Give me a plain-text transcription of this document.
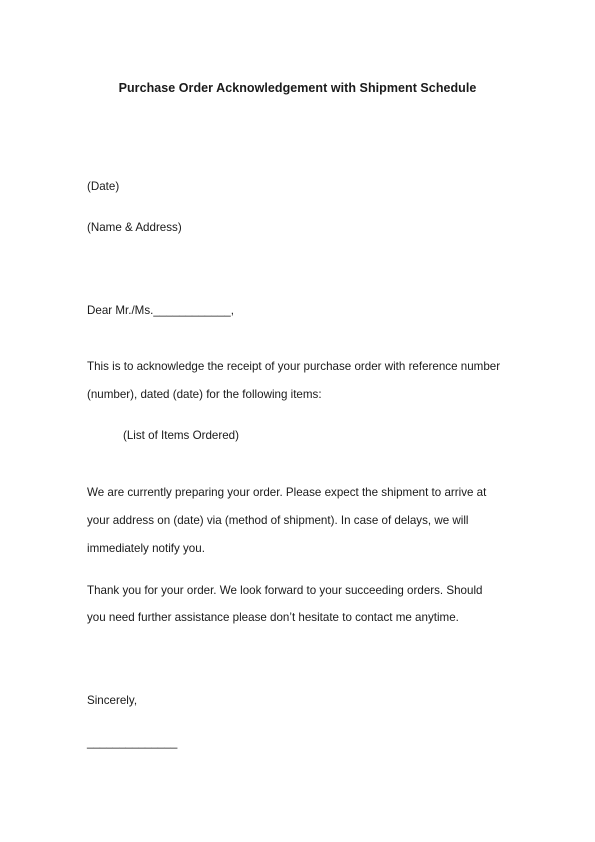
Purchase Order Acknowledgement with Shipment Schedule
(Date)
(Name & Address)
Dear Mr./Ms.____________,
This is to acknowledge the receipt of your purchase order with reference number
(number), dated (date) for the following items:
(List of Items Ordered)
We are currently preparing your order. Please expect the shipment to arrive at
your address on (date) via (method of shipment). In case of delays, we will
immediately notify you.
Thank you for your order. We look forward to your succeeding orders. Should
you need further assistance please don’t hesitate to contact me anytime.
Sincerely,
______________
